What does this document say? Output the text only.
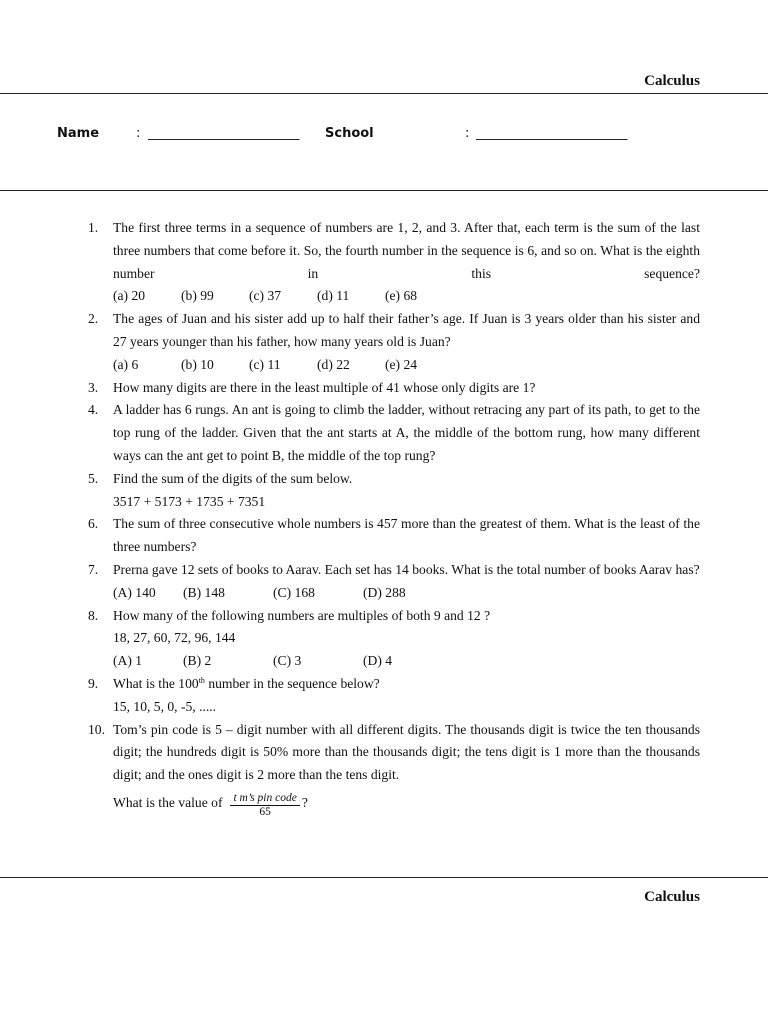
Calculus
Name	: ________________________ School	: ________________________
1. The first three terms in a sequence of numbers are 1, 2, and 3. After that, each term is the sum of the last three numbers that come before it. So, the fourth number in the sequence is 6, and so on. What is the eighth number in this sequence?
(a) 20	(b) 99	(c) 37	(d) 11	(e) 68
2. The ages of Juan and his sister add up to half their father’s age. If Juan is 3 years older than his sister and 27 years younger than his father, how many years old is Juan?
(a) 6	(b) 10	(c) 11	(d) 22	(e) 24
3. How many digits are there in the least multiple of 41 whose only digits are 1?
4. A ladder has 6 rungs. An ant is going to climb the ladder, without retracing any part of its path, to get to the top rung of the ladder. Given that the ant starts at A, the middle of the bottom rung, how many different ways can the ant get to point B, the middle of the top rung?
5. Find the sum of the digits of the sum below.
3517 + 5173 + 1735 + 7351
6. The sum of three consecutive whole numbers is 457 more than the greatest of them. What is the least of the three numbers?
7. Prerna gave 12 sets of books to Aarav. Each set has 14 books. What is the total number of books Aarav has?
(A) 140	(B) 148	(C) 168	(D) 288
8. How many of the following numbers are multiples of both 9 and 12 ?
18, 27, 60, 72, 96, 144
(A) 1	(B) 2	(C) 3	(D) 4
9. What is the 100th number in the sequence below?
15, 10, 5, 0, -5, .....
10. Tom’s pin code is 5 – digit number with all different digits. The thousands digit is twice the ten thousands digit; the hundreds digit is 50% more than the thousands digit; the tens digit is 1 more than the thousands digit; and the ones digit is 2 more than the tens digit.
What is the value of $\frac{\text{t m’s pin code}}{65}$ ?
Calculus
